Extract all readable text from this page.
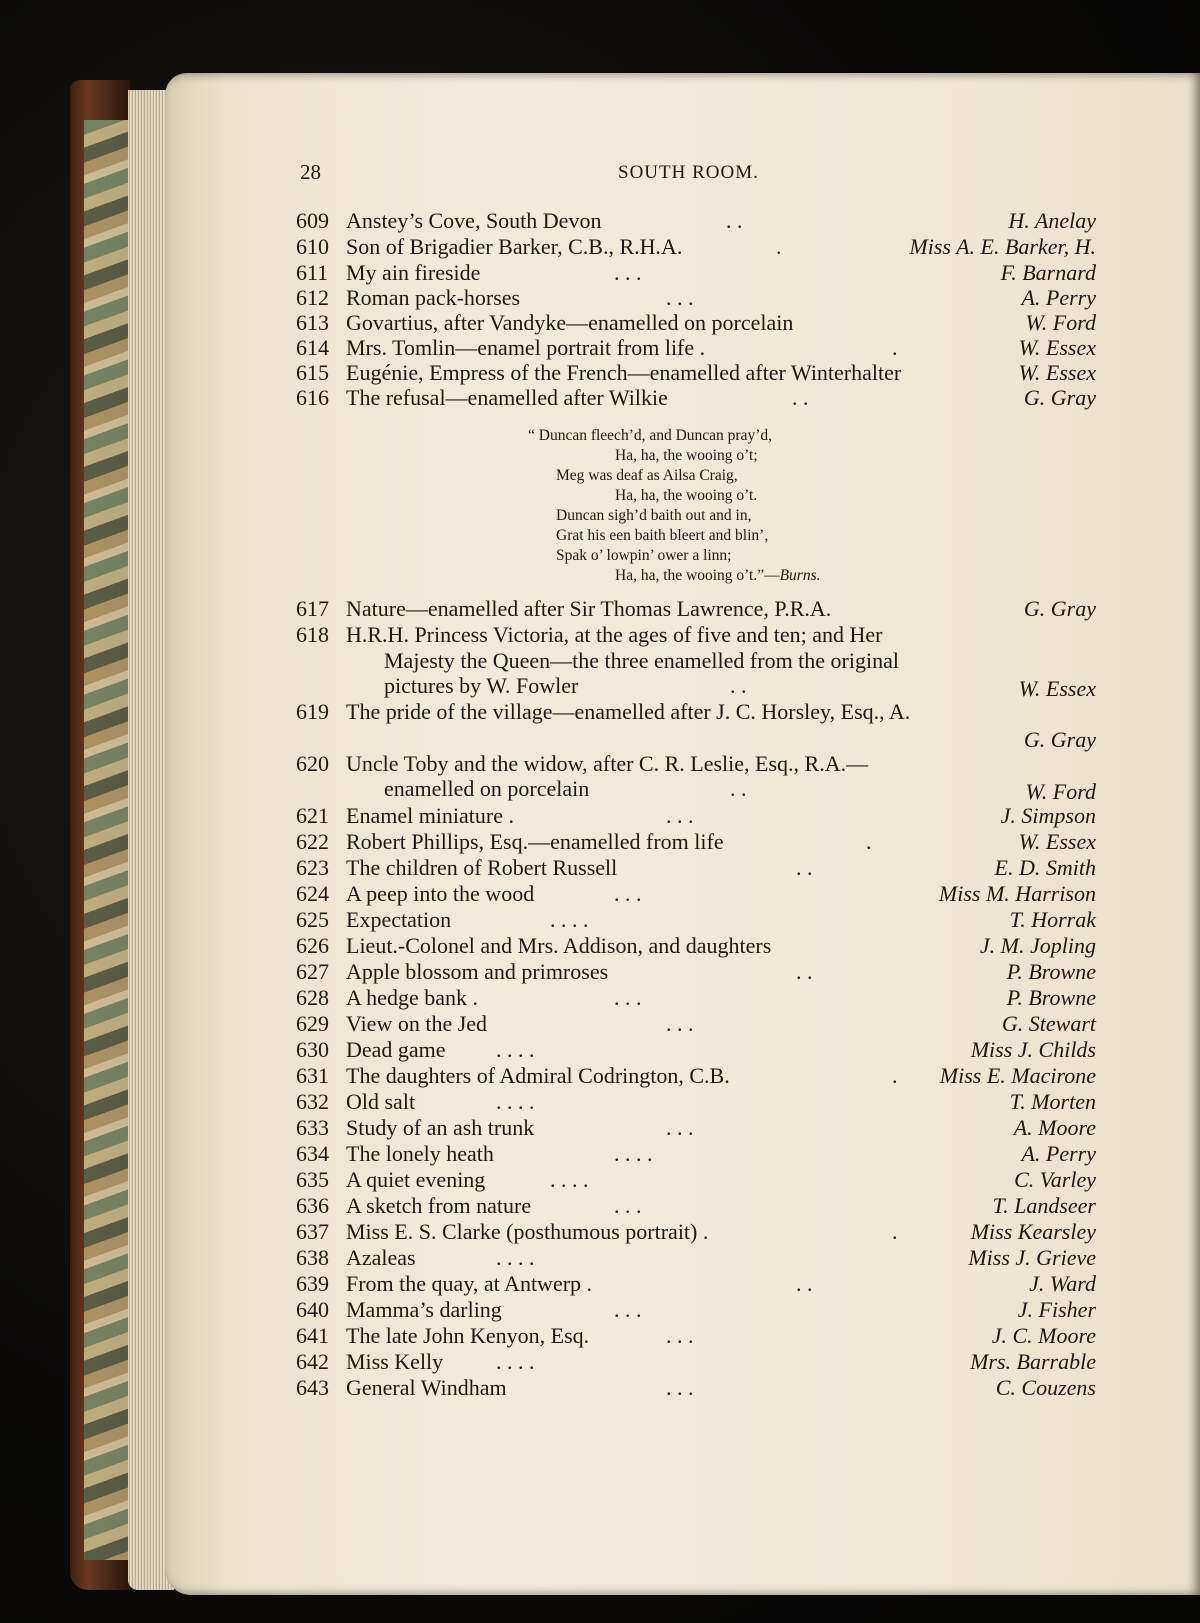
28	SOUTH ROOM.
609 Anstey’s Cove, South Devon	. .	H. Anelay
610 Son of Brigadier Barker, C.B., R.H.A.	.	Miss A. E. Barker, H.
611 My ain fireside	. . .	F. Barnard
612 Roman pack-horses	. . .	A. Perry
613 Govartius, after Vandyke—enamelled on porcelain	W. Ford
614 Mrs. Tomlin—enamel portrait from life .	.	W. Essex
615 Eugénie, Empress of the French—enamelled after Winterhalter	W. Essex
616 The refusal—enamelled after Wilkie	. .	G. Gray
“ Duncan fleech’d, and Duncan pray’d,
Ha, ha, the wooing o’t;
Meg was deaf as Ailsa Craig,
Ha, ha, the wooing o’t.
Duncan sigh’d baith out and in,
Grat his een baith bleert and blin’,
Spak o’ lowpin’ ower a linn;
Ha, ha, the wooing o’t.”—Burns.
617 Nature—enamelled after Sir Thomas Lawrence, P.R.A.	G. Gray
618 H.R.H. Princess Victoria, at the ages of five and ten; and Her
Majesty the Queen—the three enamelled from the original
pictures by W. Fowler	. .	W. Essex
619 The pride of the village—enamelled after J. C. Horsley, Esq., A.
G. Gray
620 Uncle Toby and the widow, after C. R. Leslie, Esq., R.A.—
enamelled on porcelain	. .	W. Ford
621 Enamel miniature .	. . .	J. Simpson
622 Robert Phillips, Esq.—enamelled from life	.	W. Essex
623 The children of Robert Russell	. .	E. D. Smith
624 A peep into the wood	. . .	Miss M. Harrison
625 Expectation	. . . .	T. Horrak
626 Lieut.-Colonel and Mrs. Addison, and daughters	J. M. Jopling
627 Apple blossom and primroses	. .	P. Browne
628 A hedge bank .	. . .	P. Browne
629 View on the Jed	. . .	G. Stewart
630 Dead game . . . .	Miss J. Childs
631 The daughters of Admiral Codrington, C.B.	. Miss E. Macirone
632 Old salt	. . . .	T. Morten
633 Study of an ash trunk	. . .	A. Moore
634 The lonely heath	. . . .	A. Perry
635 A quiet evening	. . . .	C. Varley
636 A sketch from nature	. . .	T. Landseer
637 Miss E. S. Clarke (posthumous portrait) .	.	Miss Kearsley
638 Azaleas	. . . .	Miss J. Grieve
639 From the quay, at Antwerp .	. .	J. Ward
640 Mamma’s darling	. . .	J. Fisher
641 The late John Kenyon, Esq.	. . .	J. C. Moore
642 Miss Kelly . . . .	Mrs. Barrable
643 General Windham	. . .	C. Couzens
